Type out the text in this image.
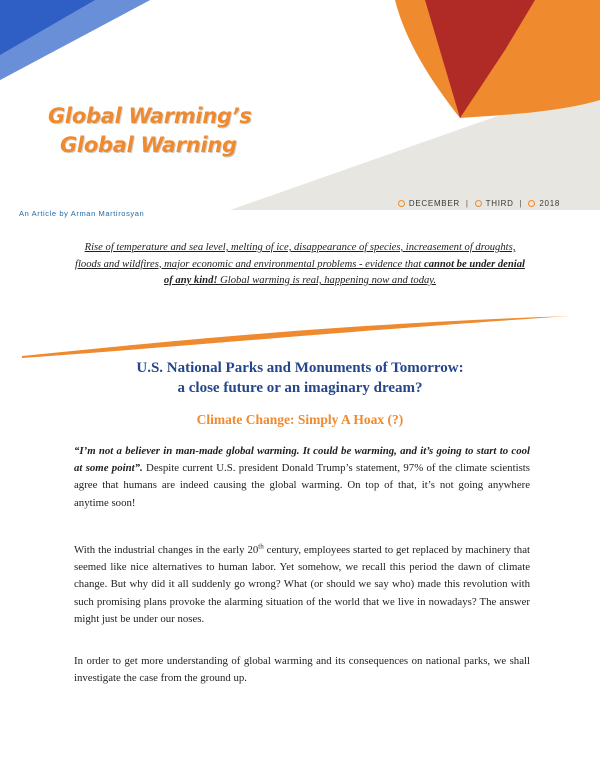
Global Warming’s
Global Warning
An Article by Arman Martirosyan
DECEMBER | THIRD | 2018

Rise of temperature and sea level, melting of ice, disappearance of species, increasement of droughts, floods and wildfires, major economic and environmental problems - evidence that cannot be under denial of any kind! Global warming is real, happening now and today.

U.S. National Parks and Monuments of Tomorrow:
a close future or an imaginary dream?
Climate Change: Simply A Hoax (?)

“I’m not a believer in man-made global warming. It could be warming, and it’s going to start to cool at some point”. Despite current U.S. president Donald Trump’s statement, 97% of the climate scientists agree that humans are indeed causing the global warming. On top of that, it’s not going anywhere anytime soon!

With the industrial changes in the early 20th century, employees started to get replaced by machinery that seemed like nice alternatives to human labor. Yet somehow, we recall this period the dawn of climate change. But why did it all suddenly go wrong? What (or should we say who) made this revolution with such promising plans provoke the alarming situation of the world that we live in nowadays? The answer might just be under our noses.

In order to get more understanding of global warming and its consequences on national parks, we shall investigate the case from the ground up.
